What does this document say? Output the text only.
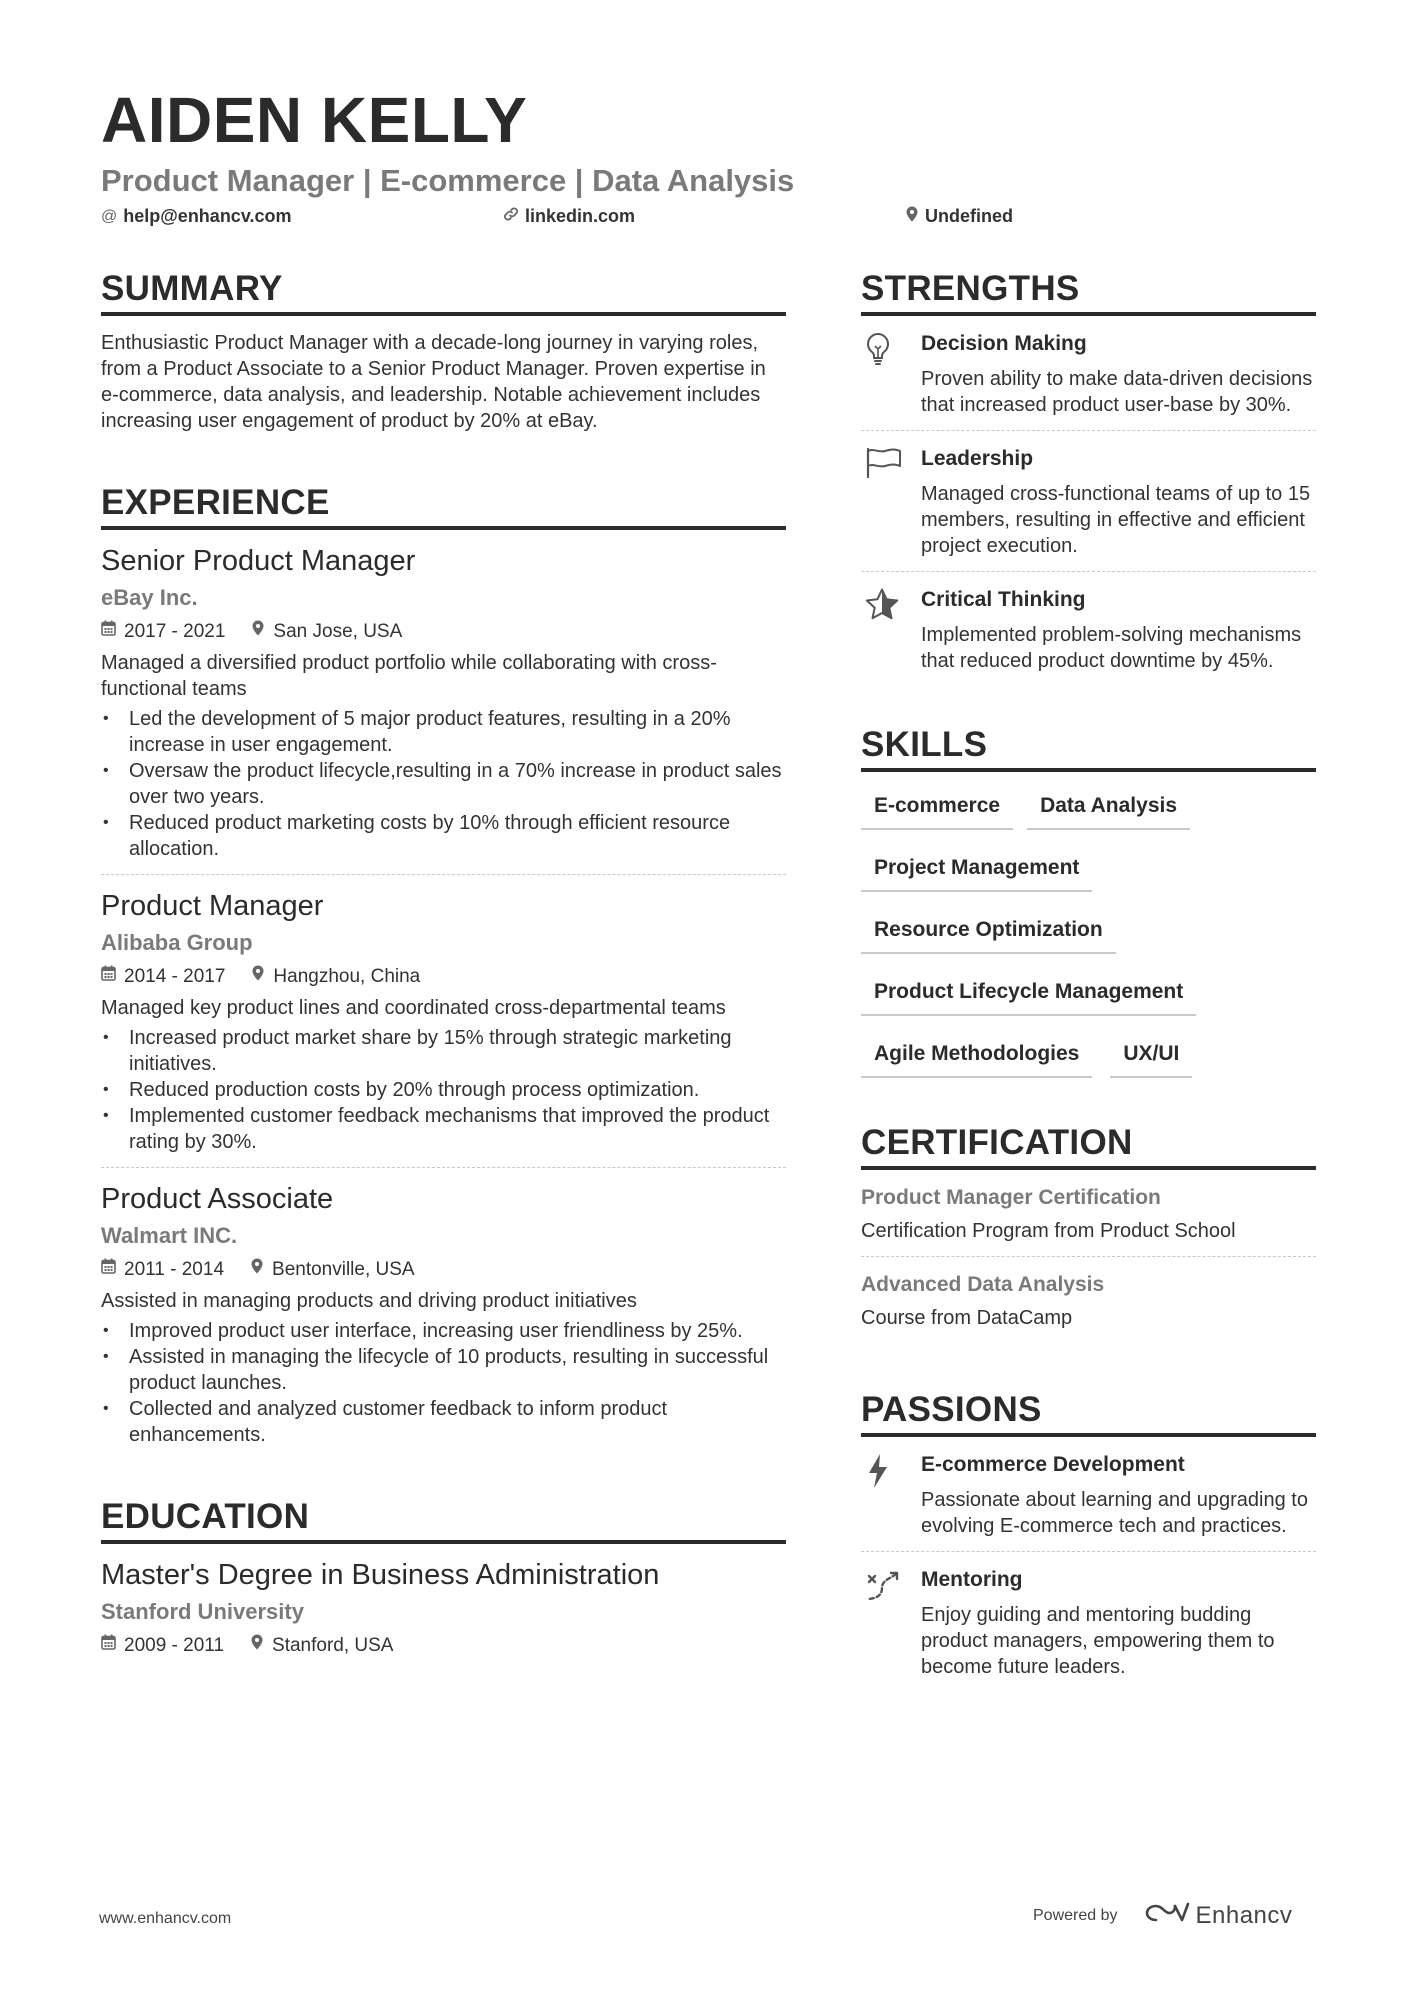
AIDEN KELLY
Product Manager | E-commerce | Data Analysis
@ help@enhancv.com	linkedin.com	Undefined
SUMMARY
Enthusiastic Product Manager with a decade-long journey in varying roles, from a Product Associate to a Senior Product Manager. Proven expertise in e-commerce, data analysis, and leadership. Notable achievement includes increasing user engagement of product by 20% at eBay.
EXPERIENCE
Senior Product Manager
eBay Inc.
2017 - 2021	San Jose, USA
Managed a diversified product portfolio while collaborating with cross-functional teams
• Led the development of 5 major product features, resulting in a 20% increase in user engagement.
• Oversaw the product lifecycle,resulting in a 70% increase in product sales over two years.
• Reduced product marketing costs by 10% through efficient resource allocation.
Product Manager
Alibaba Group
2014 - 2017	Hangzhou, China
Managed key product lines and coordinated cross-departmental teams
• Increased product market share by 15% through strategic marketing initiatives.
• Reduced production costs by 20% through process optimization.
• Implemented customer feedback mechanisms that improved the product rating by 30%.
Product Associate
Walmart INC.
2011 - 2014	Bentonville, USA
Assisted in managing products and driving product initiatives
• Improved product user interface, increasing user friendliness by 25%.
• Assisted in managing the lifecycle of 10 products, resulting in successful product launches.
• Collected and analyzed customer feedback to inform product enhancements.
EDUCATION
Master's Degree in Business Administration
Stanford University
2009 - 2011	Stanford, USA
STRENGTHS
Decision Making
Proven ability to make data-driven decisions that increased product user-base by 30%.
Leadership
Managed cross-functional teams of up to 15 members, resulting in effective and efficient project execution.
Critical Thinking
Implemented problem-solving mechanisms that reduced product downtime by 45%.
SKILLS
E-commerce	Data Analysis
Project Management
Resource Optimization
Product Lifecycle Management
Agile Methodologies	UX/UI
CERTIFICATION
Product Manager Certification
Certification Program from Product School
Advanced Data Analysis
Course from DataCamp
PASSIONS
E-commerce Development
Passionate about learning and upgrading to evolving E-commerce tech and practices.
Mentoring
Enjoy guiding and mentoring budding product managers, empowering them to become future leaders.
www.enhancv.com	Powered by	Enhancv
